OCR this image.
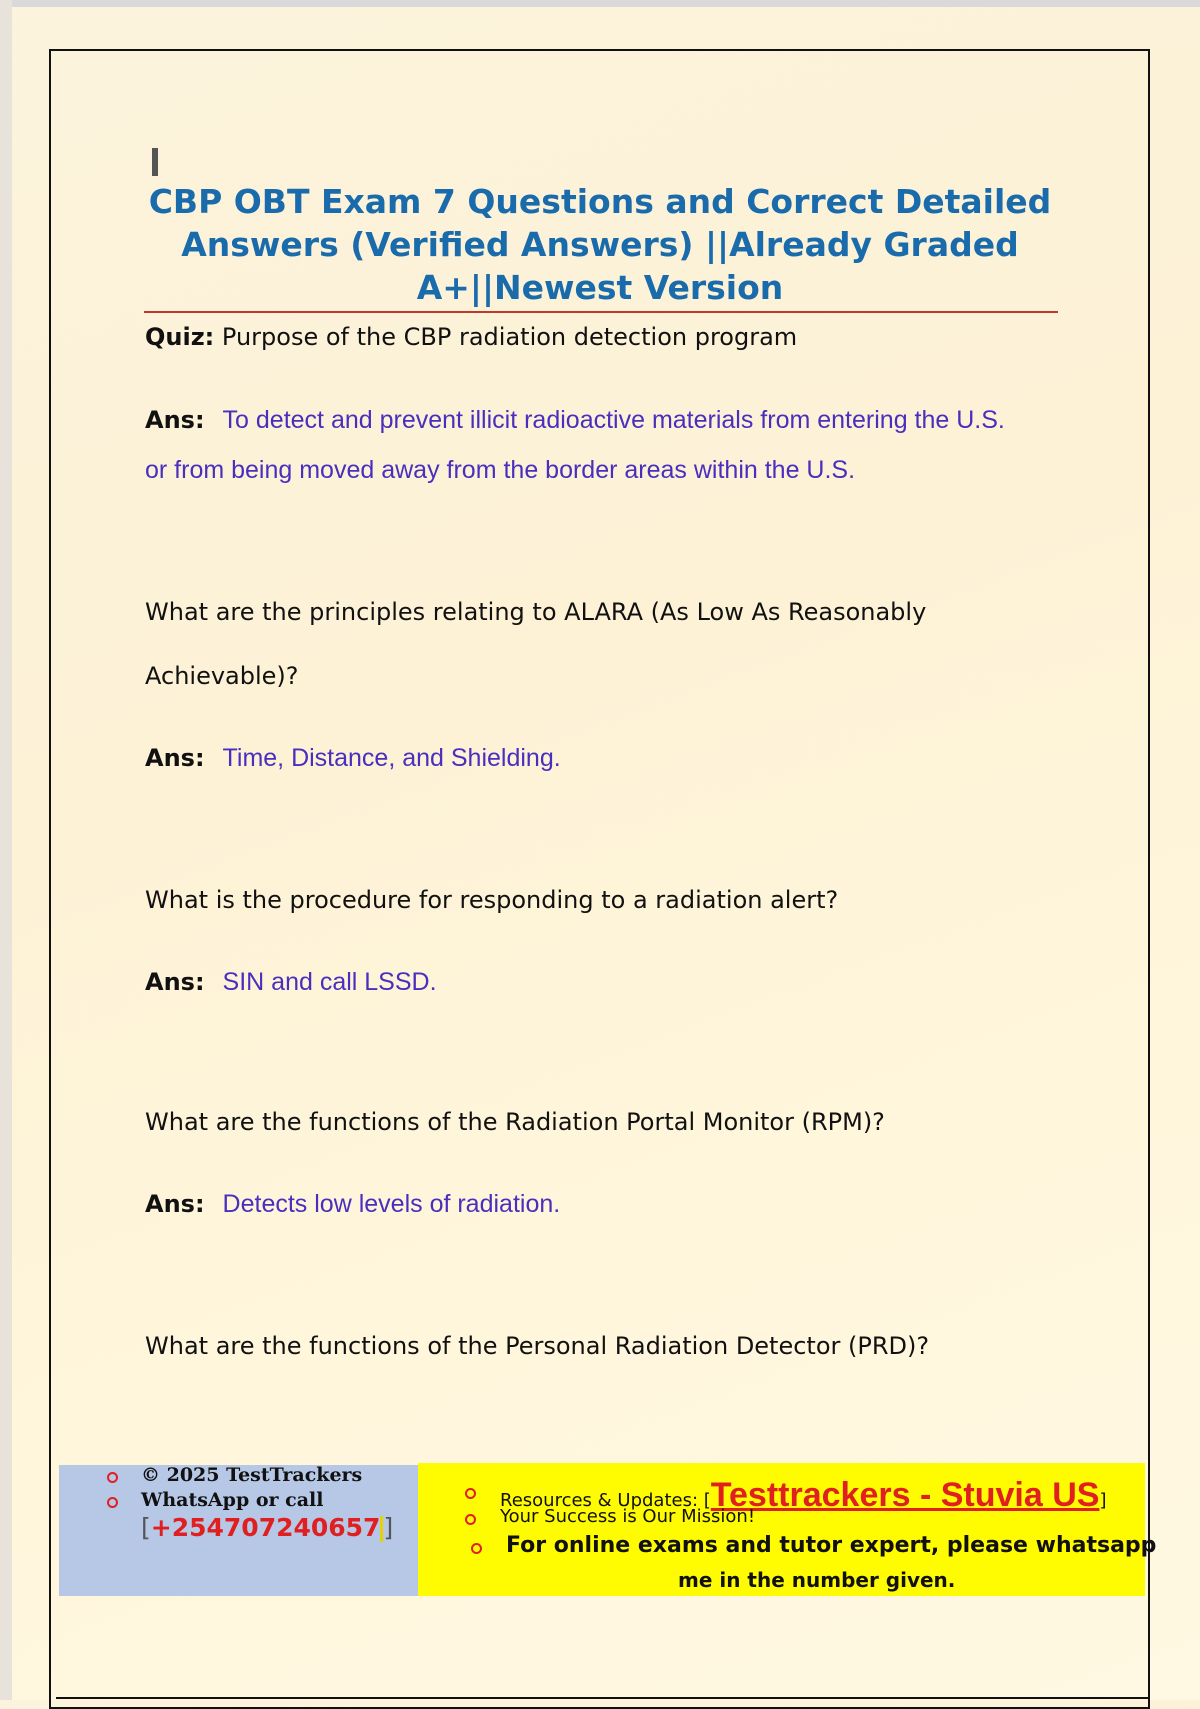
CBP OBT Exam 7 Questions and Correct Detailed Answers (Verified Answers) ||Already Graded A+||Newest Version
Quiz: Purpose of the CBP radiation detection program
Ans: To detect and prevent illicit radioactive materials from entering the U.S.
or from being moved away from the border areas within the U.S.
What are the principles relating to ALARA (As Low As Reasonably
Achievable)?
Ans: Time, Distance, and Shielding.
What is the procedure for responding to a radiation alert?
Ans: SIN and call LSSD.
What are the functions of the Radiation Portal Monitor (RPM)?
Ans: Detects low levels of radiation.
What are the functions of the Personal Radiation Detector (PRD)?
© 2025 TestTrackers
WhatsApp or call
[+254707240657 ]
Resources & Updates: [Testtrackers - Stuvia US]
Your Success is Our Mission!
For online exams and tutor expert, please whatsapp
me in the number given.
